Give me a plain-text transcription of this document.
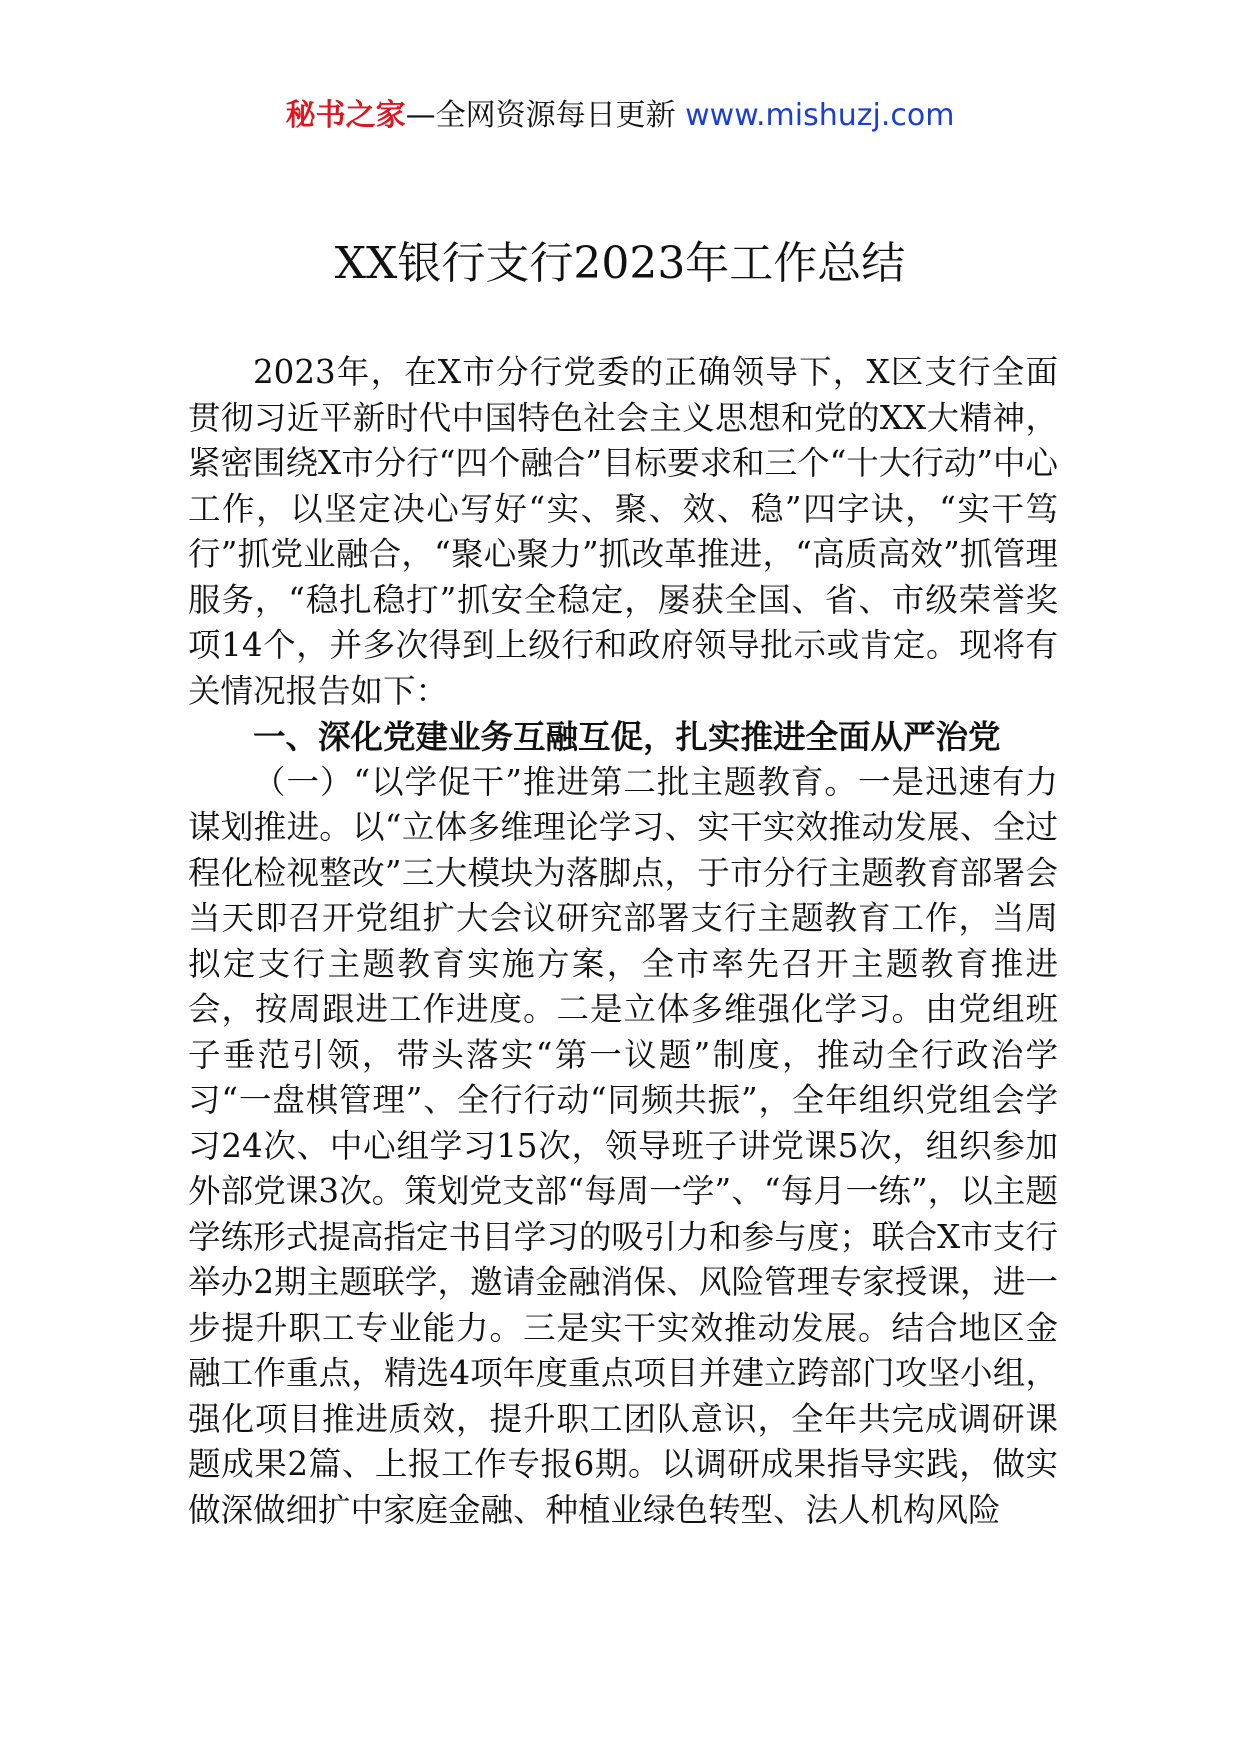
秘书之家—全网资源每日更新 www.mishuzj.com
XX银行支行2023年工作总结

2023年，在X市分行党委的正确领导下，X区支行全面贯彻习近平新时代中国特色社会主义思想和党的XX大精神，紧密围绕X市分行“四个融合”目标要求和三个“十大行动”中心工作，以坚定决心写好“实、聚、效、稳”四字诀，“实干笃行”抓党业融合，“聚心聚力”抓改革推进，“高质高效”抓管理服务，“稳扎稳打”抓安全稳定，屡获全国、省、市级荣誉奖项14个，并多次得到上级行和政府领导批示或肯定。现将有关情况报告如下：

一、深化党建业务互融互促，扎实推进全面从严治党

（一）“以学促干”推进第二批主题教育。一是迅速有力谋划推进。以“立体多维理论学习、实干实效推动发展、全过程化检视整改”三大模块为落脚点，于市分行主题教育部署会当天即召开党组扩大会议研究部署支行主题教育工作，当周拟定支行主题教育实施方案，全市率先召开主题教育推进会，按周跟进工作进度。二是立体多维强化学习。由党组班子垂范引领，带头落实“第一议题”制度，推动全行政治学习“一盘棋管理”、全行行动“同频共振”，全年组织党组会学习24次、中心组学习15次，领导班子讲党课5次，组织参加外部党课3次。策划党支部“每周一学”、“每月一练”，以主题学练形式提高指定书目学习的吸引力和参与度；联合X市支行举办2期主题联学，邀请金融消保、风险管理专家授课，进一步提升职工专业能力。三是实干实效推动发展。结合地区金融工作重点，精选4项年度重点项目并建立跨部门攻坚小组，强化项目推进质效，提升职工团队意识，全年共完成调研课题成果2篇、上报工作专报6期。以调研成果指导实践，做实做深做细扩中家庭金融、种植业绿色转型、法人机构风险
